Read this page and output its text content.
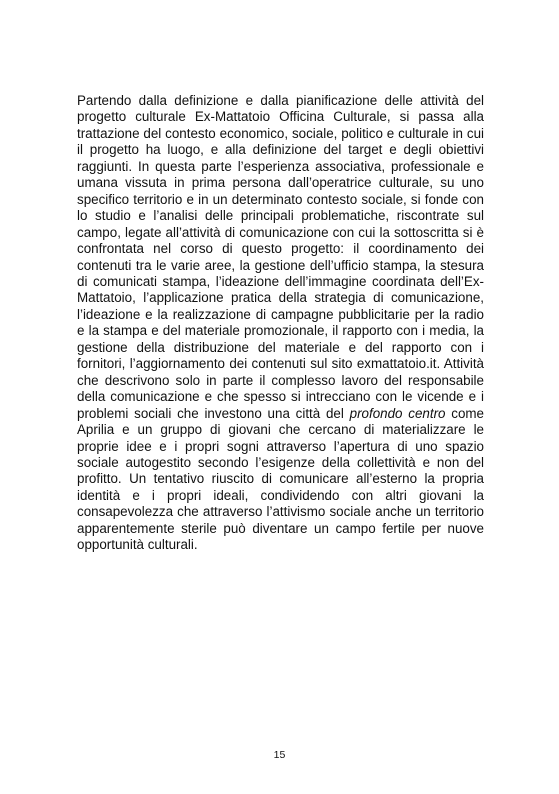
Partendo dalla definizione e dalla pianificazione delle attività del progetto culturale Ex-Mattatoio Officina Culturale, si passa alla trattazione del contesto economico, sociale, politico e culturale in cui il progetto ha luogo, e alla definizione del target e degli obiettivi raggiunti. In questa parte l’esperienza associativa, professionale e umana vissuta in prima persona dall’operatrice culturale, su uno specifico territorio e in un determinato contesto sociale, si fonde con lo studio e l’analisi delle principali problematiche, riscontrate sul campo, legate all’attività di comunicazione con cui la sottoscritta si è confrontata nel corso di questo progetto: il coordinamento dei contenuti tra le varie aree, la gestione dell’ufficio stampa, la stesura di comunicati stampa, l’ideazione dell’immagine coordinata dell’Ex-Mattatoio, l’applicazione pratica della strategia di comunicazione, l’ideazione e la realizzazione di campagne pubblicitarie per la radio e la stampa e del materiale promozionale, il rapporto con i media, la gestione della distribuzione del materiale e del rapporto con i fornitori, l’aggiornamento dei contenuti sul sito exmattatoio.it. Attività che descrivono solo in parte il complesso lavoro del responsabile della comunicazione e che spesso si intrecciano con le vicende e i problemi sociali che investono una città del profondo centro come Aprilia e un gruppo di giovani che cercano di materializzare le proprie idee e i propri sogni attraverso l’apertura di uno spazio sociale autogestito secondo l’esigenze della collettività e non del profitto. Un tentativo riuscito di comunicare all’esterno la propria identità e i propri ideali, condividendo con altri giovani la consapevolezza che attraverso l’attivismo sociale anche un territorio apparentemente sterile può diventare un campo fertile per nuove opportunità culturali.

15
